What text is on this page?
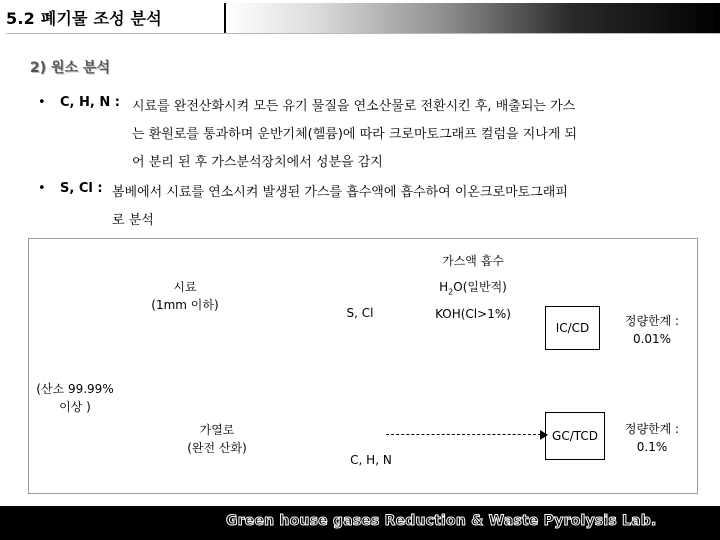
5.2 폐기물 조성 분석
2) 원소 분석
• C, H, N : 시료를 완전산화시켜 모든 유기 물질을 연소산물로 전환시킨 후, 배출되는 가스
는 환원로를 통과하며 운반기체(헬륨)에 따라 크로마토그래프 컬럼을 지나게 되
어 분리 된 후 가스분석장치에서 성분을 감지
• S, Cl : 봄베에서 시료를 연소시켜 발생된 가스를 흡수액에 흡수하여 이온크로마토그래피
로 분석
시료
(1mm 이하)
(산소 99.99%
이상 )
가열로
(완전 산화)
S, Cl
C, H, N
가스액 흡수
$H_2O$(일반적)
KOH(Cl>1%)
IC/CD
GC/TCD
정량한계 :
0.01%
정량한계 :
0.1%
Green house gases Reduction & Waste Pyrolysis Lab.
